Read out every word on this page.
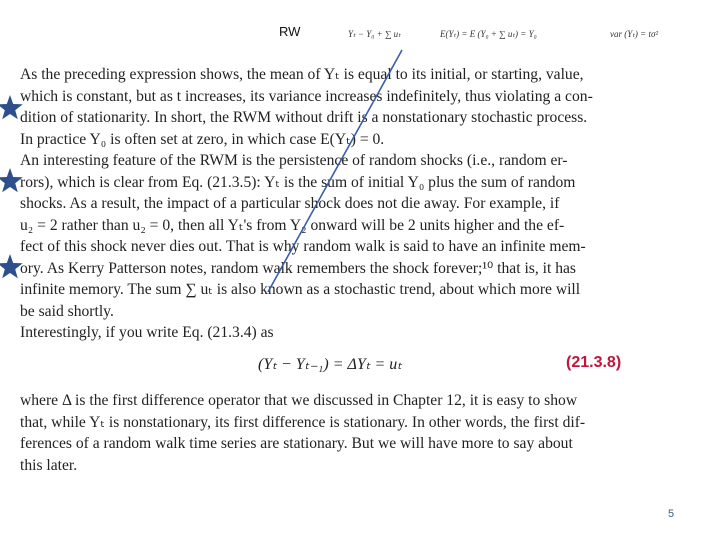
RW	Yₜ − Y₀ + ∑ uₜ	E(Yₜ) = E (Y₀ + ∑ uₜ) = Y₀	var (Yₜ) = tσ²
As the preceding expression shows, the mean of Yₜ is equal to its initial, or starting, value,
which is constant, but as t increases, its variance increases indefinitely, thus violating a con-
dition of stationarity. In short, the RWM without drift is a nonstationary stochastic process.
In practice Y₀ is often set at zero, in which case E(Yₜ) = 0.
An interesting feature of the RWM is the persistence of random shocks (i.e., random er-
rors), which is clear from Eq. (21.3.5): Yₜ is the sum of initial Y₀ plus the sum of random
shocks. As a result, the impact of a particular shock does not die away. For example, if
u₂ = 2 rather than u₂ = 0, then all Yₜ's from Y₂ onward will be 2 units higher and the ef-
fect of this shock never dies out. That is why random walk is said to have an infinite mem-
ory. As Kerry Patterson notes, random walk remembers the shock forever;¹⁰ that is, it has
infinite memory. The sum ∑ uₜ is also known as a stochastic trend, about which more will
be said shortly.
Interestingly, if you write Eq. (21.3.4) as
(Yₜ − Yₜ₋₁) = ΔYₜ = uₜ	(21.3.8)
where Δ is the first difference operator that we discussed in Chapter 12, it is easy to show
that, while Yₜ is nonstationary, its first difference is stationary. In other words, the first dif-
ferences of a random walk time series are stationary. But we will have more to say about
this later.
5
